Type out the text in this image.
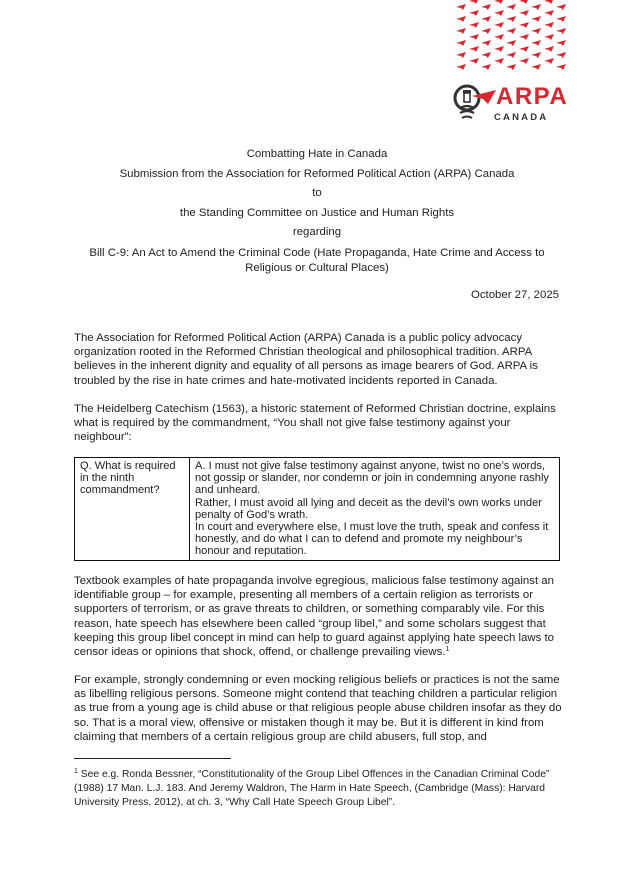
ARPA
CANADA
Combatting Hate in Canada
Submission from the Association for Reformed Political Action (ARPA) Canada
to
the Standing Committee on Justice and Human Rights
regarding
Bill C-9: An Act to Amend the Criminal Code (Hate Propaganda, Hate Crime and Access to Religious or Cultural Places)
October 27, 2025

The Association for Reformed Political Action (ARPA) Canada is a public policy advocacy organization rooted in the Reformed Christian theological and philosophical tradition. ARPA believes in the inherent dignity and equality of all persons as image bearers of God. ARPA is troubled by the rise in hate crimes and hate-motivated incidents reported in Canada.

The Heidelberg Catechism (1563), a historic statement of Reformed Christian doctrine, explains what is required by the commandment, “You shall not give false testimony against your neighbour”:

Q. What is required in the ninth commandment?	
A. I must not give false testimony against anyone, twist no one’s words, not gossip or slander, nor condemn or join in condemning anyone rashly and unheard.
Rather, I must avoid all lying and deceit as the devil’s own works under penalty of God’s wrath.
In court and everywhere else, I must love the truth, speak and confess it honestly, and do what I can to defend and promote my neighbour’s honour and reputation.

Textbook examples of hate propaganda involve egregious, malicious false testimony against an identifiable group – for example, presenting all members of a certain religion as terrorists or supporters of terrorism, or as grave threats to children, or something comparably vile. For this reason, hate speech has elsewhere been called “group libel,” and some scholars suggest that keeping this group libel concept in mind can help to guard against applying hate speech laws to censor ideas or opinions that shock, offend, or challenge prevailing views.$^1$

For example, strongly condemning or even mocking religious beliefs or practices is not the same as libelling religious persons. Someone might contend that teaching children a particular religion as true from a young age is child abuse or that religious people abuse children insofar as they do so. That is a moral view, offensive or mistaken though it may be. But it is different in kind from claiming that members of a certain religious group are child abusers, full stop, and

$^1$ See e.g. Ronda Bessner, “Constitutionality of the Group Libel Offences in the Canadian Criminal Code” (1988) 17 Man. L.J. 183. And Jeremy Waldron, The Harm in Hate Speech, (Cambridge (Mass): Harvard University Press, 2012), at ch. 3, “Why Call Hate Speech Group Libel”.
